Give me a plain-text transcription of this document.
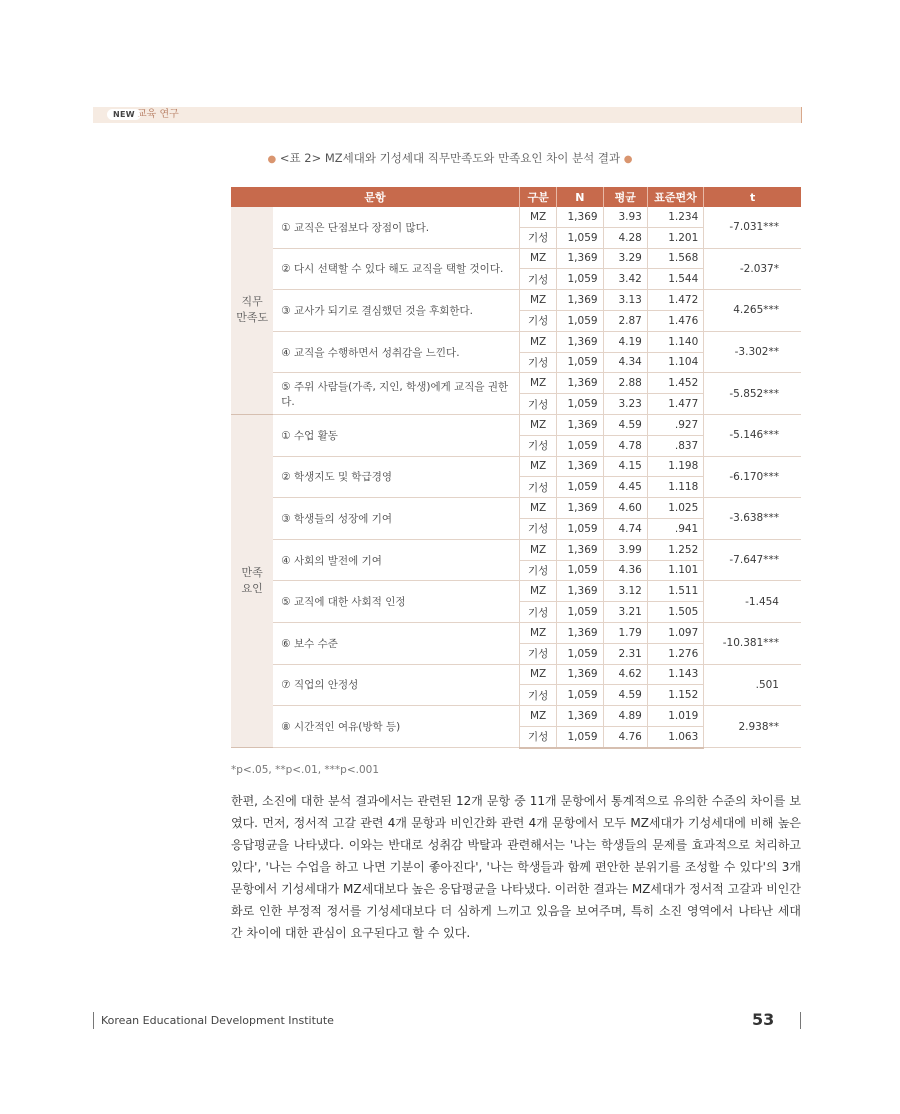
NEW 교육 연구
● <표 2> MZ세대와 기성세대 직무만족도와 만족요인 차이 분석 결과 ●
문항		구분	N	평균	표준편차	t
직무
만족도	① 교직은 단점보다 장점이 많다.	MZ	1,369	3.93	1.234	-7.031***
		기성	1,059	4.28	1.201	
	② 다시 선택할 수 있다 해도 교직을 택할 것이다.	MZ	1,369	3.29	1.568	-2.037*
		기성	1,059	3.42	1.544	
	③ 교사가 되기로 결심했던 것을 후회한다.	MZ	1,369	3.13	1.472	4.265***
		기성	1,059	2.87	1.476	
	④ 교직을 수행하면서 성취감을 느낀다.	MZ	1,369	4.19	1.140	-3.302**
		기성	1,059	4.34	1.104	
	⑤ 주위 사람들(가족, 지인, 학생)에게 교직을 권한다.	MZ	1,369	2.88	1.452	-5.852***
		기성	1,059	3.23	1.477	
만족
요인	① 수업 활동	MZ	1,369	4.59	.927	-5.146***
		기성	1,059	4.78	.837	
	② 학생지도 및 학급경영	MZ	1,369	4.15	1.198	-6.170***
		기성	1,059	4.45	1.118	
	③ 학생들의 성장에 기여	MZ	1,369	4.60	1.025	-3.638***
		기성	1,059	4.74	.941	
	④ 사회의 발전에 기여	MZ	1,369	3.99	1.252	-7.647***
		기성	1,059	4.36	1.101	
	⑤ 교직에 대한 사회적 인정	MZ	1,369	3.12	1.511	-1.454
		기성	1,059	3.21	1.505	
	⑥ 보수 수준	MZ	1,369	1.79	1.097	-10.381***
		기성	1,059	2.31	1.276	
	⑦ 직업의 안정성	MZ	1,369	4.62	1.143	.501
		기성	1,059	4.59	1.152	
	⑧ 시간적인 여유(방학 등)	MZ	1,369	4.89	1.019	2.938**
		기성	1,059	4.76	1.063	
*p<.05, **p<.01, ***p<.001

한편, 소진에 대한 분석 결과에서는 관련된 12개 문항 중 11개 문항에서 통계적으로 유의한 수준의 차이를 보였다. 먼저, 정서적 고갈 관련 4개 문항과 비인간화 관련 4개 문항에서 모두 MZ세대가 기성세대에 비해 높은 응답평균을 나타냈다. 이와는 반대로 성취감 박탈과 관련해서는 '나는 학생들의 문제를 효과적으로 처리하고 있다', '나는 수업을 하고 나면 기분이 좋아진다', '나는 학생들과 함께 편안한 분위기를 조성할 수 있다'의 3개 문항에서 기성세대가 MZ세대보다 높은 응답평균을 나타냈다. 이러한 결과는 MZ세대가 정서적 고갈과 비인간화로 인한 부정적 정서를 기성세대보다 더 심하게 느끼고 있음을 보여주며, 특히 소진 영역에서 나타난 세대 간 차이에 대한 관심이 요구된다고 할 수 있다.

Korean Educational Development Institute	53
